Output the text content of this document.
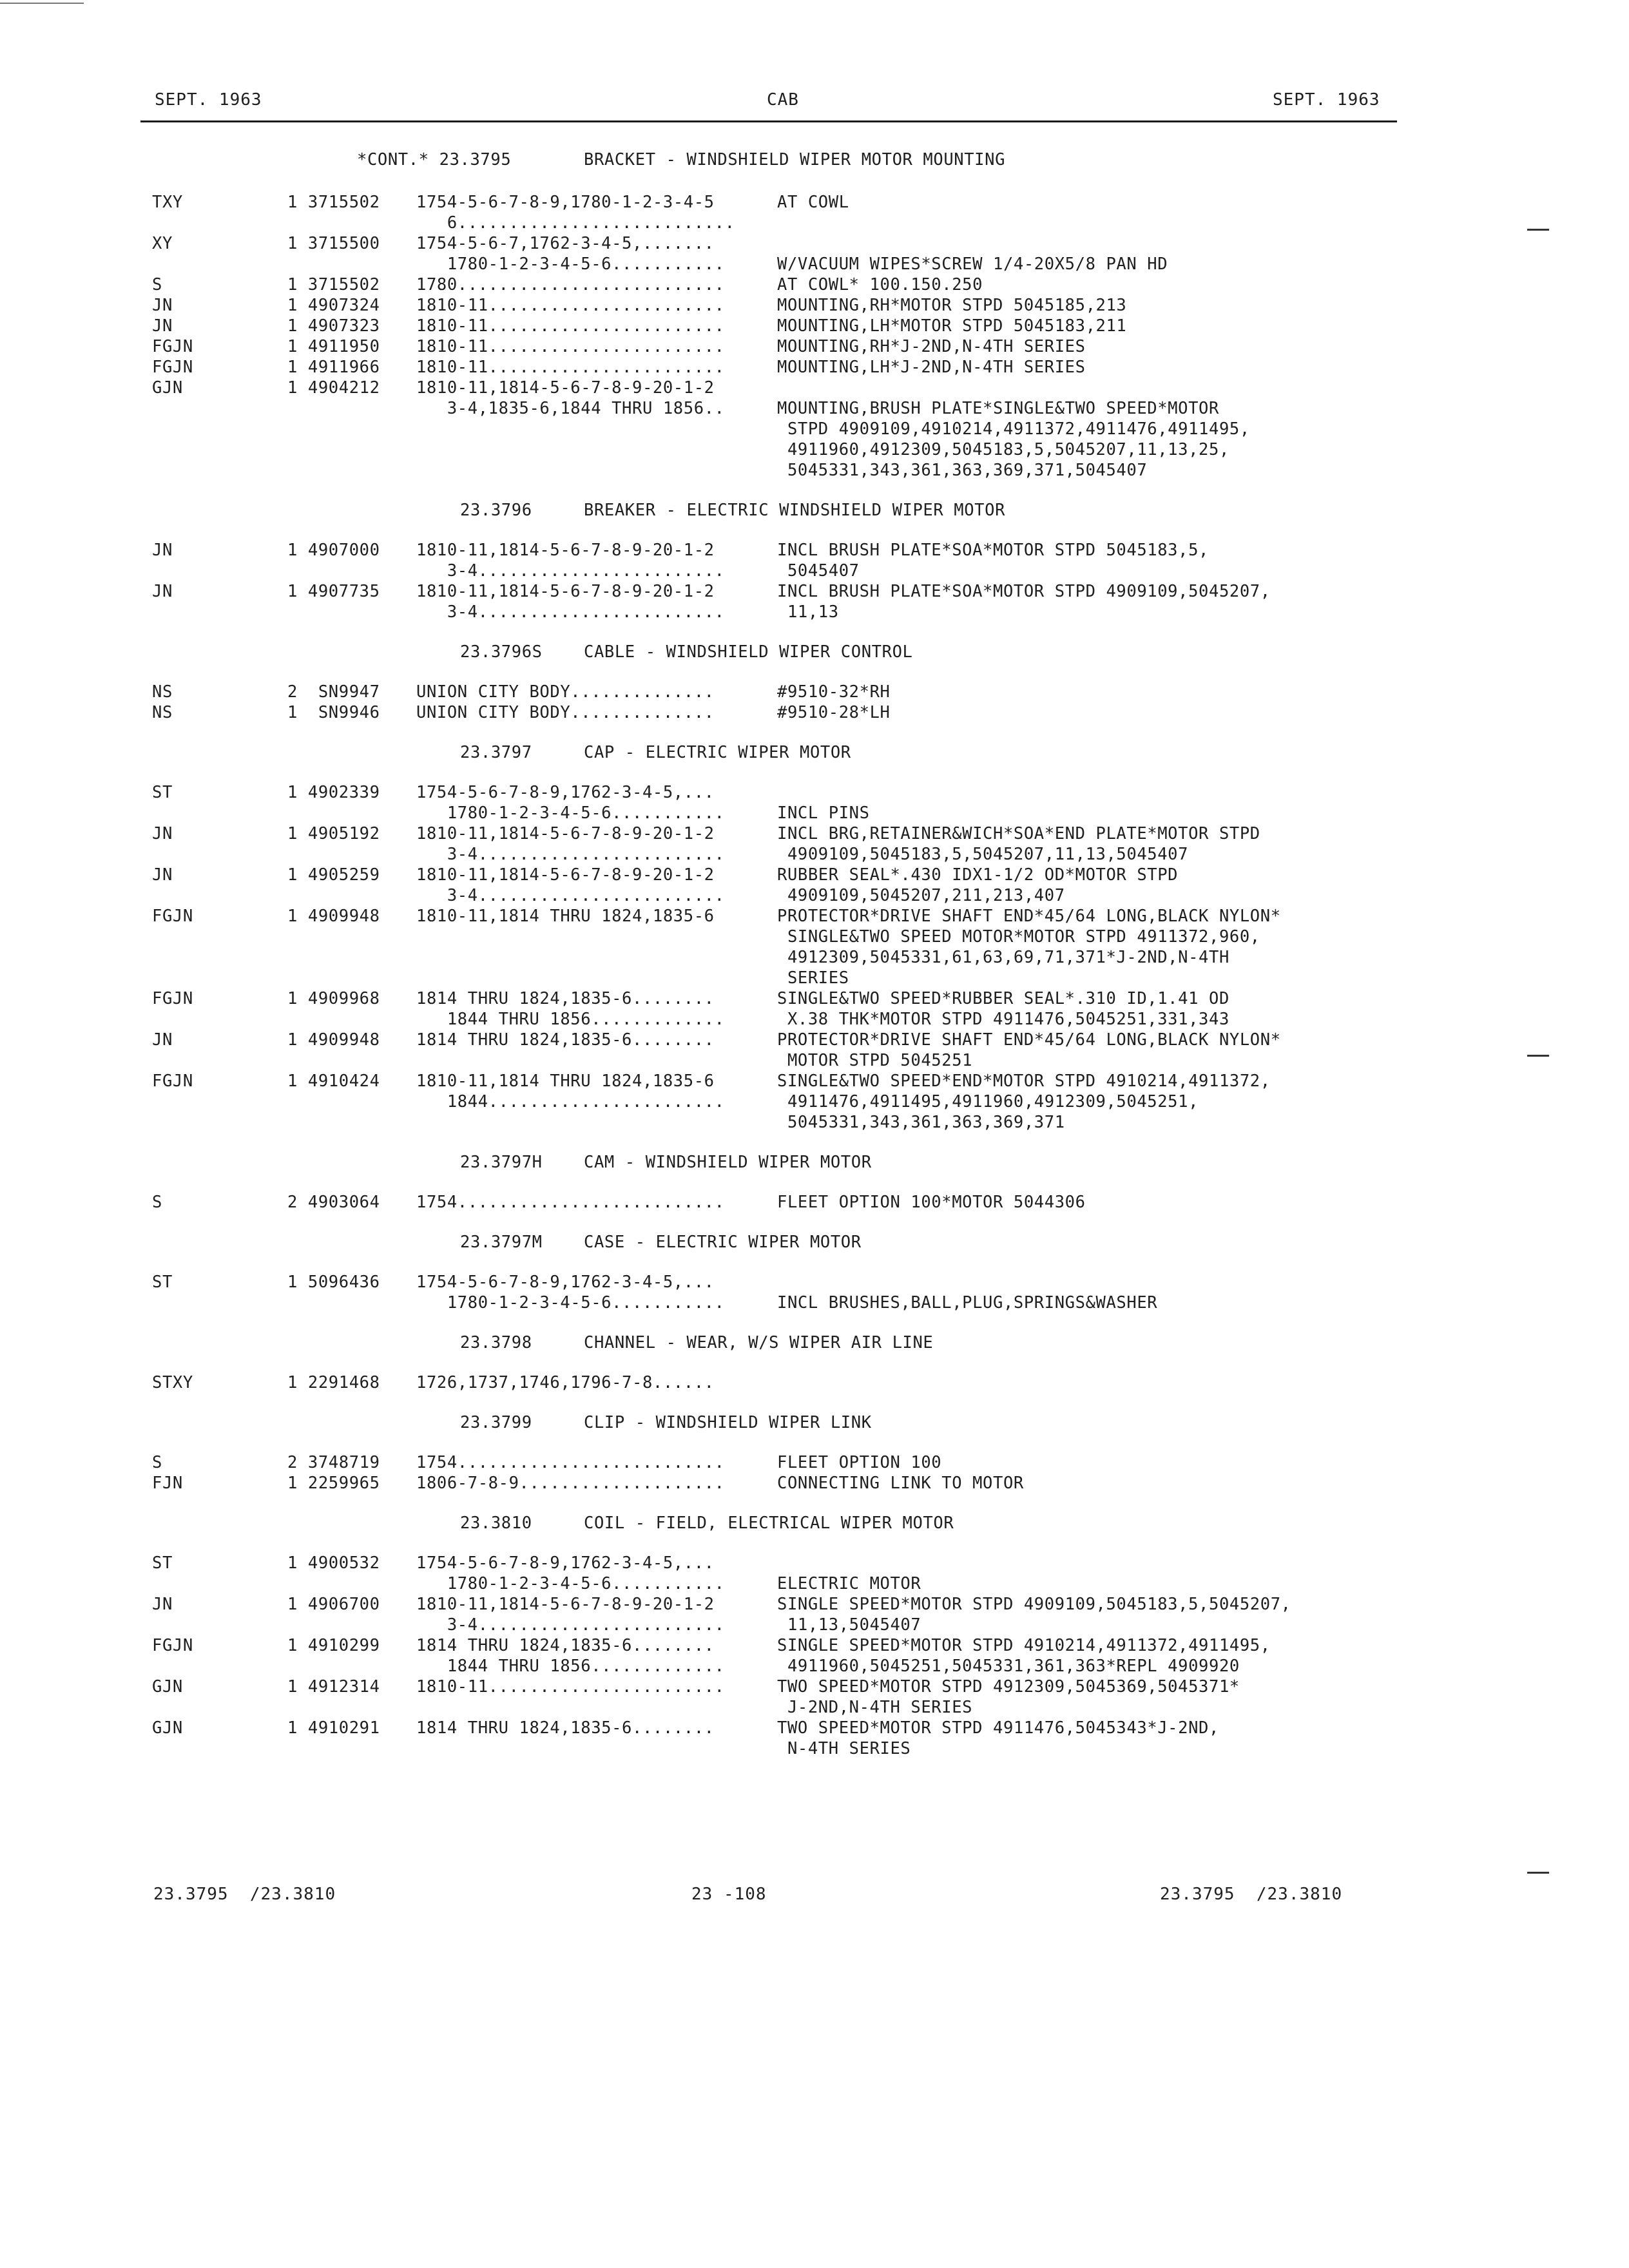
SEPT. 1963	CAB	SEPT. 1963
*CONT.* 23.3795	BRACKET - WINDSHIELD WIPER MOTOR MOUNTING
TXY	1 3715502 1754-5-6-7-8-9,1780-1-2-3-4-5	AT COWL
6...........................
XY	1 3715500 1754-5-6-7,1762-3-4-5,.......
1780-1-2-3-4-5-6...........	W/VACUUM WIPES*SCREW 1/4-20X5/8 PAN HD
S	1 3715502 1780..........................	AT COWL* 100.150.250
JN	1 4907324 1810-11.......................	MOUNTING,RH*MOTOR STPD 5045185,213
JN	1 4907323 1810-11.......................	MOUNTING,LH*MOTOR STPD 5045183,211
FGJN	1 4911950 1810-11.......................	MOUNTING,RH*J-2ND,N-4TH SERIES
FGJN	1 4911966 1810-11.......................	MOUNTING,LH*J-2ND,N-4TH SERIES
GJN	1 4904212 1810-11,1814-5-6-7-8-9-20-1-2
3-4,1835-6,1844 THRU 1856..	MOUNTING,BRUSH PLATE*SINGLE&TWO SPEED*MOTOR
STPD 4909109,4910214,4911372,4911476,4911495,
4911960,4912309,5045183,5,5045207,11,13,25,
5045331,343,361,363,369,371,5045407
23.3796	BREAKER - ELECTRIC WINDSHIELD WIPER MOTOR
JN	1 4907000 1810-11,1814-5-6-7-8-9-20-1-2	INCL BRUSH PLATE*SOA*MOTOR STPD 5045183,5,
3-4........................	5045407
JN	1 4907735 1810-11,1814-5-6-7-8-9-20-1-2	INCL BRUSH PLATE*SOA*MOTOR STPD 4909109,5045207,
3-4........................	11,13
23.3796S	CABLE - WINDSHIELD WIPER CONTROL
NS	2  SN9947 UNION CITY BODY..............	#9510-32*RH
NS	1  SN9946 UNION CITY BODY..............	#9510-28*LH
23.3797	CAP - ELECTRIC WIPER MOTOR
ST	1 4902339 1754-5-6-7-8-9,1762-3-4-5,...
1780-1-2-3-4-5-6...........	INCL PINS
JN	1 4905192 1810-11,1814-5-6-7-8-9-20-1-2	INCL BRG,RETAINER&WICH*SOA*END PLATE*MOTOR STPD
3-4........................	4909109,5045183,5,5045207,11,13,5045407
JN	1 4905259 1810-11,1814-5-6-7-8-9-20-1-2	RUBBER SEAL*.430 IDX1-1/2 OD*MOTOR STPD
3-4........................	4909109,5045207,211,213,407
FGJN	1 4909948 1810-11,1814 THRU 1824,1835-6	PROTECTOR*DRIVE SHAFT END*45/64 LONG,BLACK NYLON*
SINGLE&TWO SPEED MOTOR*MOTOR STPD 4911372,960,
4912309,5045331,61,63,69,71,371*J-2ND,N-4TH
SERIES
FGJN	1 4909968 1814 THRU 1824,1835-6........	SINGLE&TWO SPEED*RUBBER SEAL*.310 ID,1.41 OD
1844 THRU 1856.............	X.38 THK*MOTOR STPD 4911476,5045251,331,343
JN	1 4909948 1814 THRU 1824,1835-6........	PROTECTOR*DRIVE SHAFT END*45/64 LONG,BLACK NYLON*
MOTOR STPD 5045251
FGJN	1 4910424 1810-11,1814 THRU 1824,1835-6	SINGLE&TWO SPEED*END*MOTOR STPD 4910214,4911372,
1844.......................	4911476,4911495,4911960,4912309,5045251,
5045331,343,361,363,369,371
23.3797H	CAM - WINDSHIELD WIPER MOTOR
S	2 4903064 1754..........................	FLEET OPTION 100*MOTOR 5044306
23.3797M	CASE - ELECTRIC WIPER MOTOR
ST	1 5096436 1754-5-6-7-8-9,1762-3-4-5,...
1780-1-2-3-4-5-6...........	INCL BRUSHES,BALL,PLUG,SPRINGS&WASHER
23.3798	CHANNEL - WEAR, W/S WIPER AIR LINE
STXY	1 2291468 1726,1737,1746,1796-7-8......
23.3799	CLIP - WINDSHIELD WIPER LINK
S	2 3748719 1754..........................	FLEET OPTION 100
FJN	1 2259965 1806-7-8-9....................	CONNECTING LINK TO MOTOR
23.3810	COIL - FIELD, ELECTRICAL WIPER MOTOR
ST	1 4900532 1754-5-6-7-8-9,1762-3-4-5,...
1780-1-2-3-4-5-6...........	ELECTRIC MOTOR
JN	1 4906700 1810-11,1814-5-6-7-8-9-20-1-2	SINGLE SPEED*MOTOR STPD 4909109,5045183,5,5045207,
3-4........................	11,13,5045407
FGJN	1 4910299 1814 THRU 1824,1835-6........	SINGLE SPEED*MOTOR STPD 4910214,4911372,4911495,
1844 THRU 1856.............	4911960,5045251,5045331,361,363*REPL 4909920
GJN	1 4912314 1810-11.......................	TWO SPEED*MOTOR STPD 4912309,5045369,5045371*
J-2ND,N-4TH SERIES
GJN	1 4910291 1814 THRU 1824,1835-6........	TWO SPEED*MOTOR STPD 4911476,5045343*J-2ND,
N-4TH SERIES
23.3795  /23.3810	23 -108	23.3795  /23.3810
